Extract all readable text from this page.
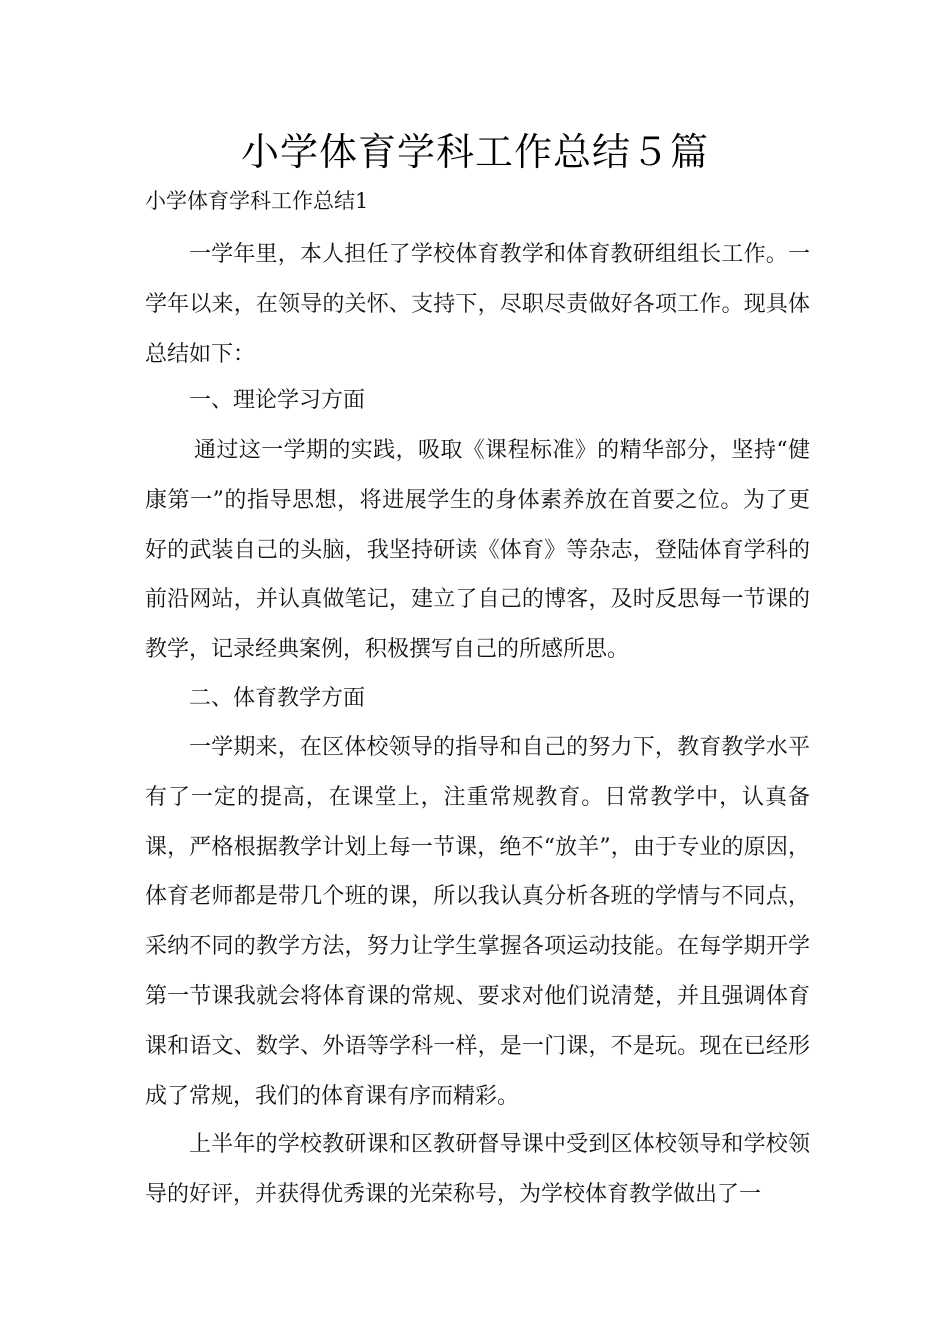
小学体育学科工作总结５篇
小学体育学科工作总结1

一学年里，本人担任了学校体育教学和体育教研组组长工作。一学年以来，在领导的关怀、支持下，尽职尽责做好各项工作。现具体总结如下：

一、理论学习方面

通过这一学期的实践，吸取《课程标准》的精华部分，坚持“健康第一”的指导思想，将进展学生的身体素养放在首要之位。为了更好的武装自己的头脑，我坚持研读《体育》等杂志，登陆体育学科的前沿网站，并认真做笔记，建立了自己的博客，及时反思每一节课的教学，记录经典案例，积极撰写自己的所感所思。

二、体育教学方面

一学期来，在区体校领导的指导和自己的努力下，教育教学水平有了一定的提高，在课堂上，注重常规教育。日常教学中，认真备课，严格根据教学计划上每一节课，绝不“放羊”，由于专业的原因，体育老师都是带几个班的课，所以我认真分析各班的学情与不同点，采纳不同的教学方法，努力让学生掌握各项运动技能。在每学期开学第一节课我就会将体育课的常规、要求对他们说清楚，并且强调体育课和语文、数学、外语等学科一样，是一门课，不是玩。现在已经形成了常规，我们的体育课有序而精彩。

上半年的学校教研课和区教研督导课中受到区体校领导和学校领导的好评，并获得优秀课的光荣称号，为学校体育教学做出了一
